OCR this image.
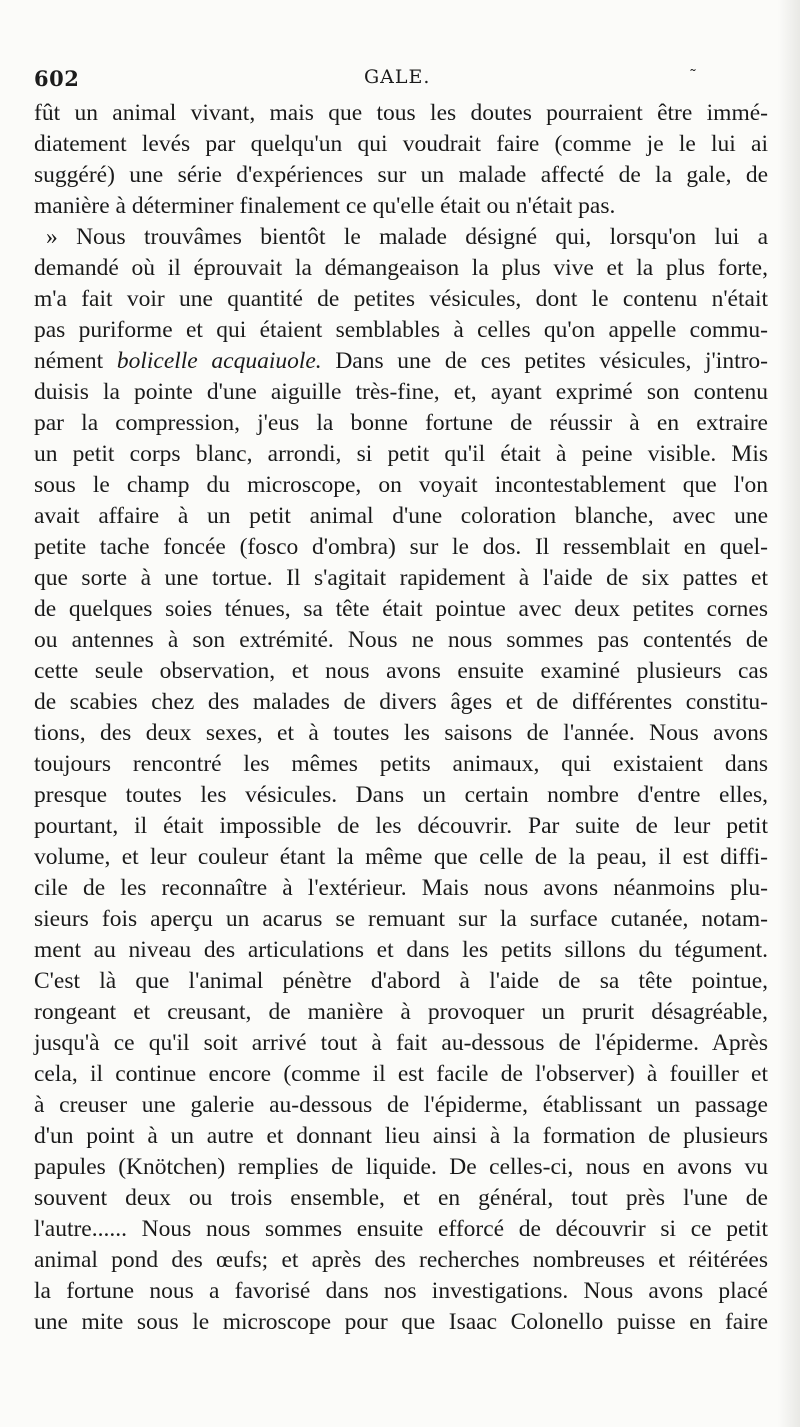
602	GALE.	˜
fût un animal vivant, mais que tous les doutes pourraient être immé-
diatement levés par quelqu'un qui voudrait faire (comme je le lui ai
suggéré) une série d'expériences sur un malade affecté de la gale, de
manière à déterminer finalement ce qu'elle était ou n'était pas.
» Nous trouvâmes bientôt le malade désigné qui, lorsqu'on lui a
demandé où il éprouvait la démangeaison la plus vive et la plus forte,
m'a fait voir une quantité de petites vésicules, dont le contenu n'était
pas puriforme et qui étaient semblables à celles qu'on appelle commu-
nément bolicelle acquaiuole. Dans une de ces petites vésicules, j'intro-
duisis la pointe d'une aiguille très-fine, et, ayant exprimé son contenu
par la compression, j'eus la bonne fortune de réussir à en extraire
un petit corps blanc, arrondi, si petit qu'il était à peine visible. Mis
sous le champ du microscope, on voyait incontestablement que l'on
avait affaire à un petit animal d'une coloration blanche, avec une
petite tache foncée (fosco d'ombra) sur le dos. Il ressemblait en quel-
que sorte à une tortue. Il s'agitait rapidement à l'aide de six pattes et
de quelques soies ténues, sa tête était pointue avec deux petites cornes
ou antennes à son extrémité. Nous ne nous sommes pas contentés de
cette seule observation, et nous avons ensuite examiné plusieurs cas
de scabies chez des malades de divers âges et de différentes constitu-
tions, des deux sexes, et à toutes les saisons de l'année. Nous avons
toujours rencontré les mêmes petits animaux, qui existaient dans
presque toutes les vésicules. Dans un certain nombre d'entre elles,
pourtant, il était impossible de les découvrir. Par suite de leur petit
volume, et leur couleur étant la même que celle de la peau, il est diffi-
cile de les reconnaître à l'extérieur. Mais nous avons néanmoins plu-
sieurs fois aperçu un acarus se remuant sur la surface cutanée, notam-
ment au niveau des articulations et dans les petits sillons du tégument.
C'est là que l'animal pénètre d'abord à l'aide de sa tête pointue,
rongeant et creusant, de manière à provoquer un prurit désagréable,
jusqu'à ce qu'il soit arrivé tout à fait au-dessous de l'épiderme. Après
cela, il continue encore (comme il est facile de l'observer) à fouiller et
à creuser une galerie au-dessous de l'épiderme, établissant un passage
d'un point à un autre et donnant lieu ainsi à la formation de plusieurs
papules (Knötchen) remplies de liquide. De celles-ci, nous en avons vu
souvent deux ou trois ensemble, et en général, tout près l'une de
l'autre...... Nous nous sommes ensuite efforcé de découvrir si ce petit
animal pond des œufs; et après des recherches nombreuses et réitérées
la fortune nous a favorisé dans nos investigations. Nous avons placé
une mite sous le microscope pour que Isaac Colonello puisse en faire
